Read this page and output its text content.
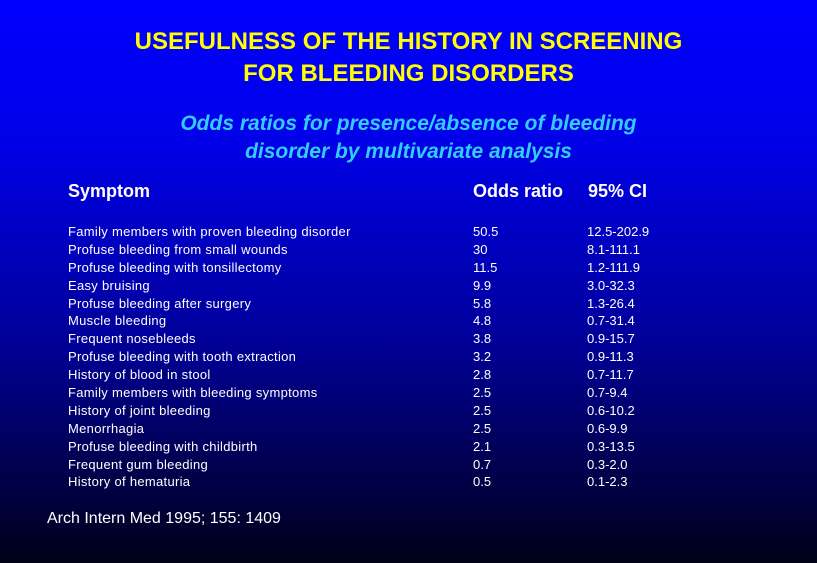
USEFULNESS OF THE HISTORY IN SCREENING
FOR BLEEDING DISORDERS
Odds ratios for presence/absence of bleeding
disorder by multivariate analysis
Symptom	Odds ratio 95% CI
Family members with proven bleeding disorder
Profuse bleeding from small wounds
Profuse bleeding with tonsillectomy
Easy bruising
Profuse bleeding after surgery
Muscle bleeding
Frequent nosebleeds
Profuse bleeding with tooth extraction
History of blood in stool
Family members with bleeding symptoms
History of joint bleeding
Menorrhagia
Profuse bleeding with childbirth
Frequent gum bleeding
History of hematuria
50.5
30
11.5
9.9
5.8
4.8
3.8
3.2
2.8
2.5
2.5
2.5
2.1
0.7
0.5
12.5-202.9
8.1-111.1
1.2-111.9
3.0-32.3
1.3-26.4
0.7-31.4
0.9-15.7
0.9-11.3
0.7-11.7
0.7-9.4
0.6-10.2
0.6-9.9
0.3-13.5
0.3-2.0
0.1-2.3
Arch Intern Med 1995; 155: 1409
